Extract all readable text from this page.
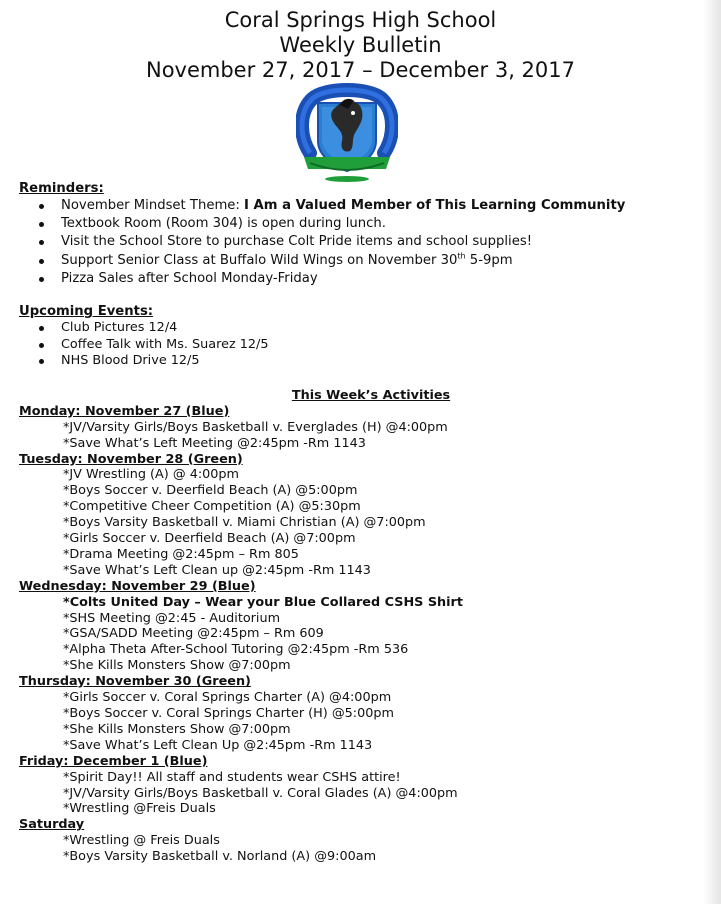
Coral Springs High School
Weekly Bulletin
November 27, 2017 – December 3, 2017
Reminders:
November Mindset Theme: I Am a Valued Member of This Learning Community
Textbook Room (Room 304) is open during lunch.
Visit the School Store to purchase Colt Pride items and school supplies!
Support Senior Class at Buffalo Wild Wings on November 30th 5-9pm
Pizza Sales after School Monday-Friday
Upcoming Events:
Club Pictures 12/4
Coffee Talk with Ms. Suarez 12/5
NHS Blood Drive 12/5
This Week’s Activities
Monday: November 27 (Blue)
*JV/Varsity Girls/Boys Basketball v. Everglades (H) @4:00pm
*Save What’s Left Meeting @2:45pm -Rm 1143
Tuesday: November 28 (Green)
*JV Wrestling (A) @ 4:00pm
*Boys Soccer v. Deerfield Beach (A) @5:00pm
*Competitive Cheer Competition (A) @5:30pm
*Boys Varsity Basketball v. Miami Christian (A) @7:00pm
*Girls Soccer v. Deerfield Beach (A) @7:00pm
*Drama Meeting @2:45pm – Rm 805
*Save What’s Left Clean up @2:45pm -Rm 1143
Wednesday: November 29 (Blue)
*Colts United Day – Wear your Blue Collared CSHS Shirt
*SHS Meeting @2:45 - Auditorium
*GSA/SADD Meeting @2:45pm – Rm 609
*Alpha Theta After-School Tutoring @2:45pm -Rm 536
*She Kills Monsters Show @7:00pm
Thursday: November 30 (Green)
*Girls Soccer v. Coral Springs Charter (A) @4:00pm
*Boys Soccer v. Coral Springs Charter (H) @5:00pm
*She Kills Monsters Show @7:00pm
*Save What’s Left Clean Up @2:45pm -Rm 1143
Friday: December 1 (Blue)
*Spirit Day!! All staff and students wear CSHS attire!
*JV/Varsity Girls/Boys Basketball v. Coral Glades (A) @4:00pm
*Wrestling @Freis Duals
Saturday
*Wrestling @ Freis Duals
*Boys Varsity Basketball v. Norland (A) @9:00am
